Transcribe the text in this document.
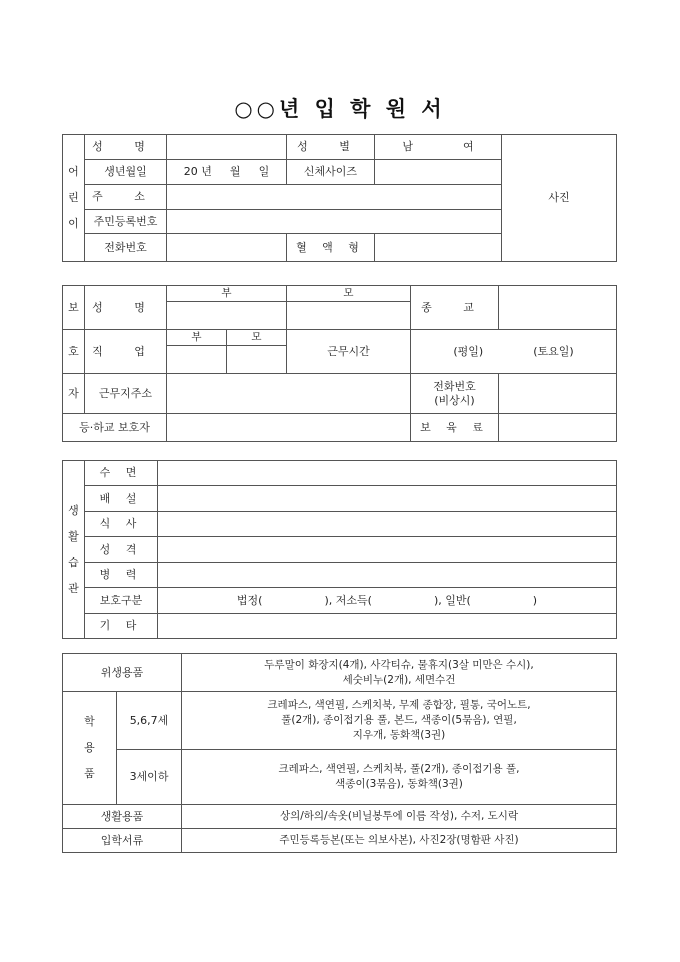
○○년 입 학 원 서
어
린
이	성 명		성 별	남 여	사진
	생년월일	20 년 월 일	신체사이즈		
	주 소				
	주민등록번호				
	전화번호		혈 액 형		
보	성 명	부		모	종 교	

호	직 업	부	모	근무시간	(평일) (토요일)	

자	근무지주소				전화번호
(비상시)	
등·하교 보호자					보 육 료	
생
활
습
관	수 면	
	배 설	
	식 사	
	성 격	
	병 력	
	보호구분	법정( ), 저소득( ), 일반( )
	기 타	
위생용품		두루말이 화장지(4개), 사각티슈, 물휴지(3살 미만은 수시),
세숫비누(2개), 세면수건
학
용
품	5,6,7세	크레파스, 색연필, 스케치북, 무제 종합장, 필통, 국어노트,
풀(2개), 종이접기용 풀, 본드, 색종이(5묶음), 연필,
지우개, 동화책(3권)
	3세이하	크레파스, 색연필, 스케치북, 풀(2개), 종이접기용 풀,
색종이(3묶음), 동화책(3권)
생활용품		상의/하의/속옷(비닐봉투에 이름 작성), 수저, 도시락
입학서류		주민등록등본(또는 의보사본), 사진2장(명함판 사진)
